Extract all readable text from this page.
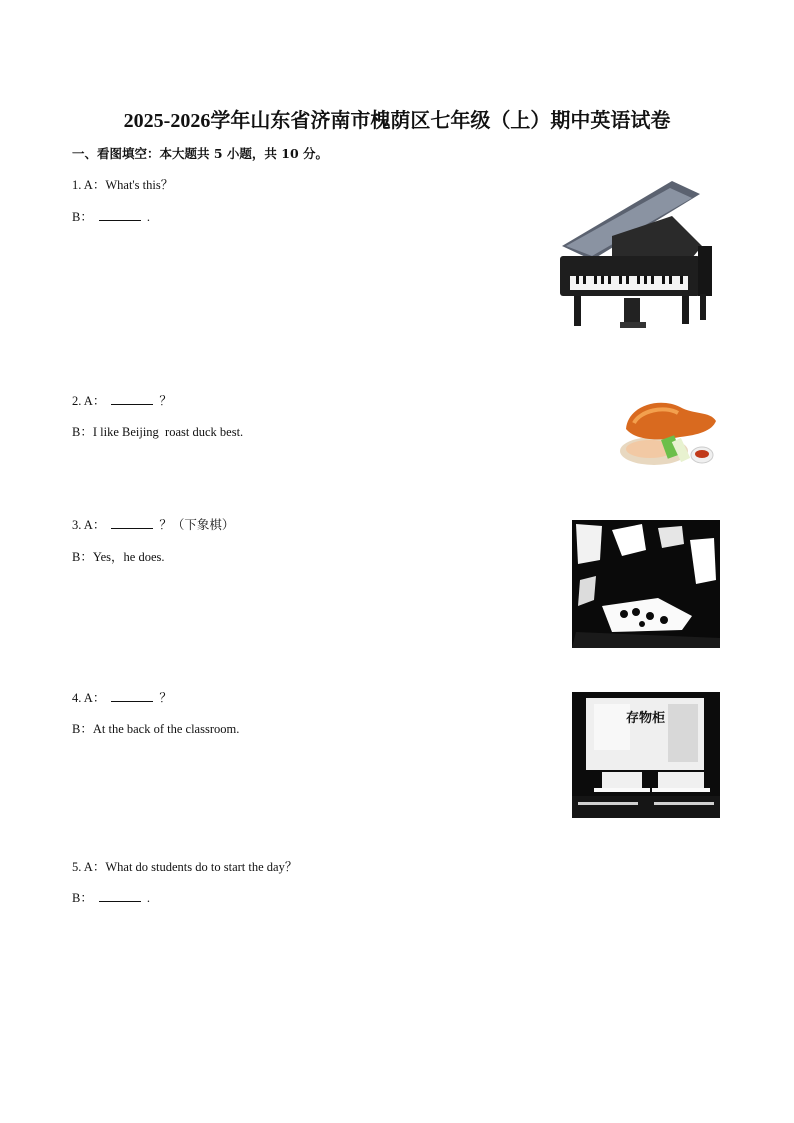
2025-2026学年山东省济南市槐荫区七年级（上）期中英语试卷
一、看图填空：本大题共 5 小题，共 10 分。
1. A：What's this？
B：	.
2. A：	？
B：I like Beijing  roast duck best.
3. A：	？（下象棋）
B：Yes，he does.
4. A：	？
B：At the back of the classroom.
5. A：What do students do to start the day？
B：	.
存物柜
